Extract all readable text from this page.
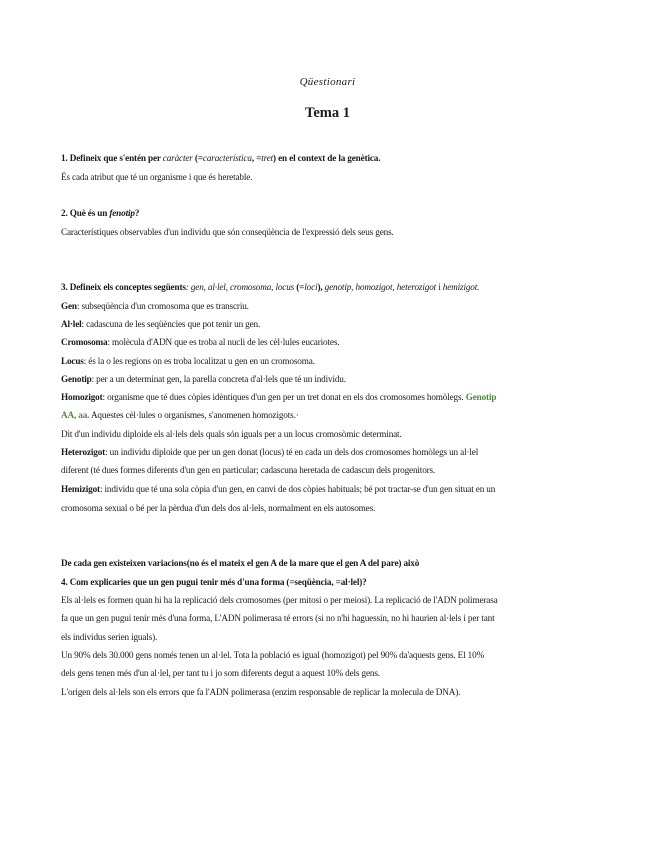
Qüestionari
Tema 1
1. Defineix que s'entén per caràcter (=característica, =tret) en el context de la genètica.
És cada atribut que té un organisme i que és heretable.
2. Què és un fenotip?
Característiques observables d'un individu que són conseqüència de l'expressió dels seus gens.
3. Defineix els conceptes següents: gen, al·lel, cromosoma, locus (=loci), genotip, homozigot, heterozigot i hemizigot.
Gen: subseqüència d'un cromosoma que es transcriu.
Al·lel: cadascuna de les seqüències que pot tenir un gen.
Cromosoma: molècula d'ADN que es troba al nucli de les cèl·lules eucariotes.
Locus: és la o les regions on es troba localitzat u gen en un cromosoma.
Genotip: per a un determinat gen, la parella concreta d'al·lels que té un individu.
Homozigot: organisme que té dues còpies idèntiques d'un gen per un tret donat en els dos cromosomes homòlegs. Genotip
AA, aa. Aquestes cèl·lules o organismes, s'anomenen homozigots.·
Dit d'un individu diploide els al·lels dels quals són iguals per a un locus cromosòmic determinat.
Heterozigot: un individu diploide que per un gen donat (locus) té en cada un dels dos cromosomes homòlegs un al·lel
diferent (té dues formes diferents d'un gen en particular; cadascuna heretada de cadascun dels progenitors.
Hemizigot: individu que té una sola còpia d'un gen, en canvi de dos còpies habituals; bé pot tractar-se d'un gen situat en un
cromosoma sexual o bé per la pèrdua d'un dels dos al·lels, normalment en els autosomes.
De cada gen existeixen variacions(no és el mateix el gen A de la mare que el gen A del pare) això
4. Com explicaries que un gen pugui tenir més d'una forma (=seqüència, =al·lel)?
Els al·lels es formen quan hi ha la replicació dels cromosomes (per mitosi o per meiosi). La replicació de l'ADN polimerasa
fa que un gen pugui tenir més d'una forma, L'ADN polimerasa té errors (si no n'hi haguessin, no hi haurien al·lels i per tant
els individus serien iguals).
Un 90% dels 30.000 gens només tenen un al·lel. Tota la població es igual (homozigot) pel 90% da'aquests gens. El 10%
dels gens tenen més d'un al·lel, per tant tu i jo som diferents degut a aquest 10% dels gens.
L'origen dels al·lels son els errors que fa l'ADN polimerasa (enzim responsable de replicar la molecula de DNA).
